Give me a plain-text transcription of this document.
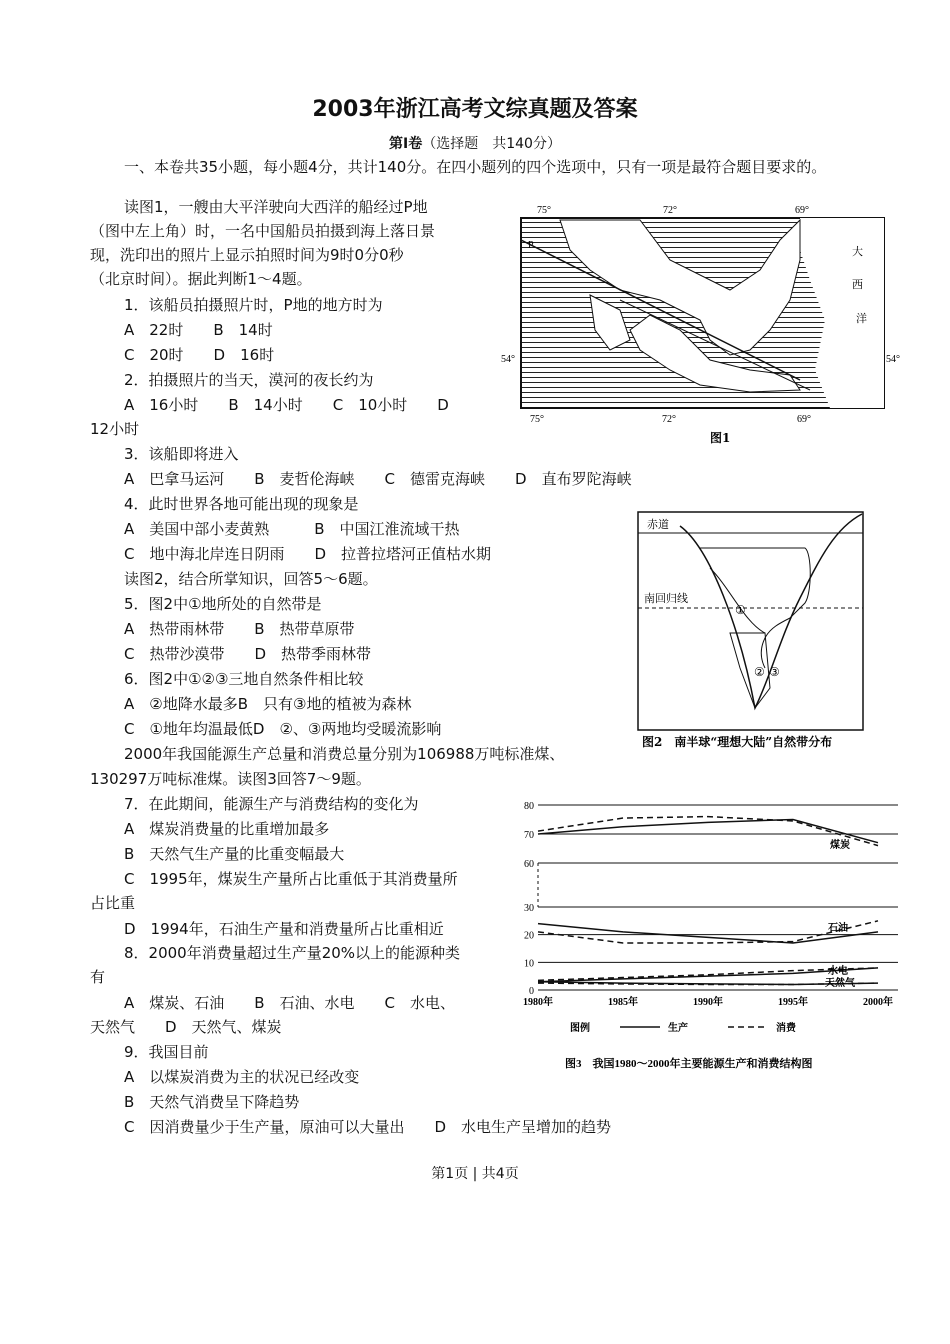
2003年浙江高考文综真题及答案
第Ⅰ卷（选择题　共140分）
一、本卷共35小题，每小题4分，共计140分。在四小题列的四个选项中，只有一项是最符合题目要求的。
读图1，一艘由大平洋驶向大西洋的船经过P地
（图中左上角）时，一名中国船员拍摄到海上落日景
现，洗印出的照片上显示拍照时间为9时0分0秒
（北京时间）。据此判断1～4题。
1．该船员拍摄照片时，P地的地方时为
A　22时　　B　14时
C　20时　　D　16时
2．拍摄照片的当天，漠河的夜长约为
A　16小时　　B　14小时　　C　10小时　　D
12小时
3．该船即将进入
A　巴拿马运河　　B　麦哲伦海峡　　C　德雷克海峡　　D　直布罗陀海峡
4．此时世界各地可能出现的现象是
A　美国中部小麦黄熟　　　B　中国江淮流域干热
C　地中海北岸连日阴雨　　D　拉普拉塔河正值枯水期
读图2，结合所掌知识，回答5～6题。
5．图2中①地所处的自然带是
A　热带雨林带　　B　热带草原带
C　热带沙漠带　　D　热带季雨林带
6．图2中①②③三地自然条件相比较
A　②地降水最多B　只有③地的植被为森林
C　①地年均温最低D　②、③两地均受暖流影响
2000年我国能源生产总量和消费总量分别为106988万吨标准煤、
130297万吨标准煤。读图3回答7～9题。
7．在此期间，能源生产与消费结构的变化为
A　煤炭消费量的比重增加最多
B　天然气生产量的比重变幅最大
C　1995年，煤炭生产量所占比重低于其消费量所
占比重
D　1994年，石油生产量和消费量所占比重相近
8．2000年消费量超过生产量20%以上的能源种类
有
A　煤炭、石油　　B　石油、水电　　C　水电、
天然气　　D　天然气、煤炭
9．我国目前
A　以煤炭消费为主的状况已经改变
B　天然气消费呈下降趋势
C　因消费量少于生产量，原油可以大量出　　D　水电生产呈增加的趋势
P
75°	72°	69°
75°	72°	69°
54°	54°
大
西
洋
图1
赤道
南回归线
①
② ③
图2　南半球“理想大陆”自然带分布
0
10
20
30
60
70
80
1980年	1985年	1990年	1995年	2000年
煤炭
石油
水电
天然气
图例	生产	消费
图3　我国1980～2000年主要能源生产和消费结构图
第1页 | 共4页
